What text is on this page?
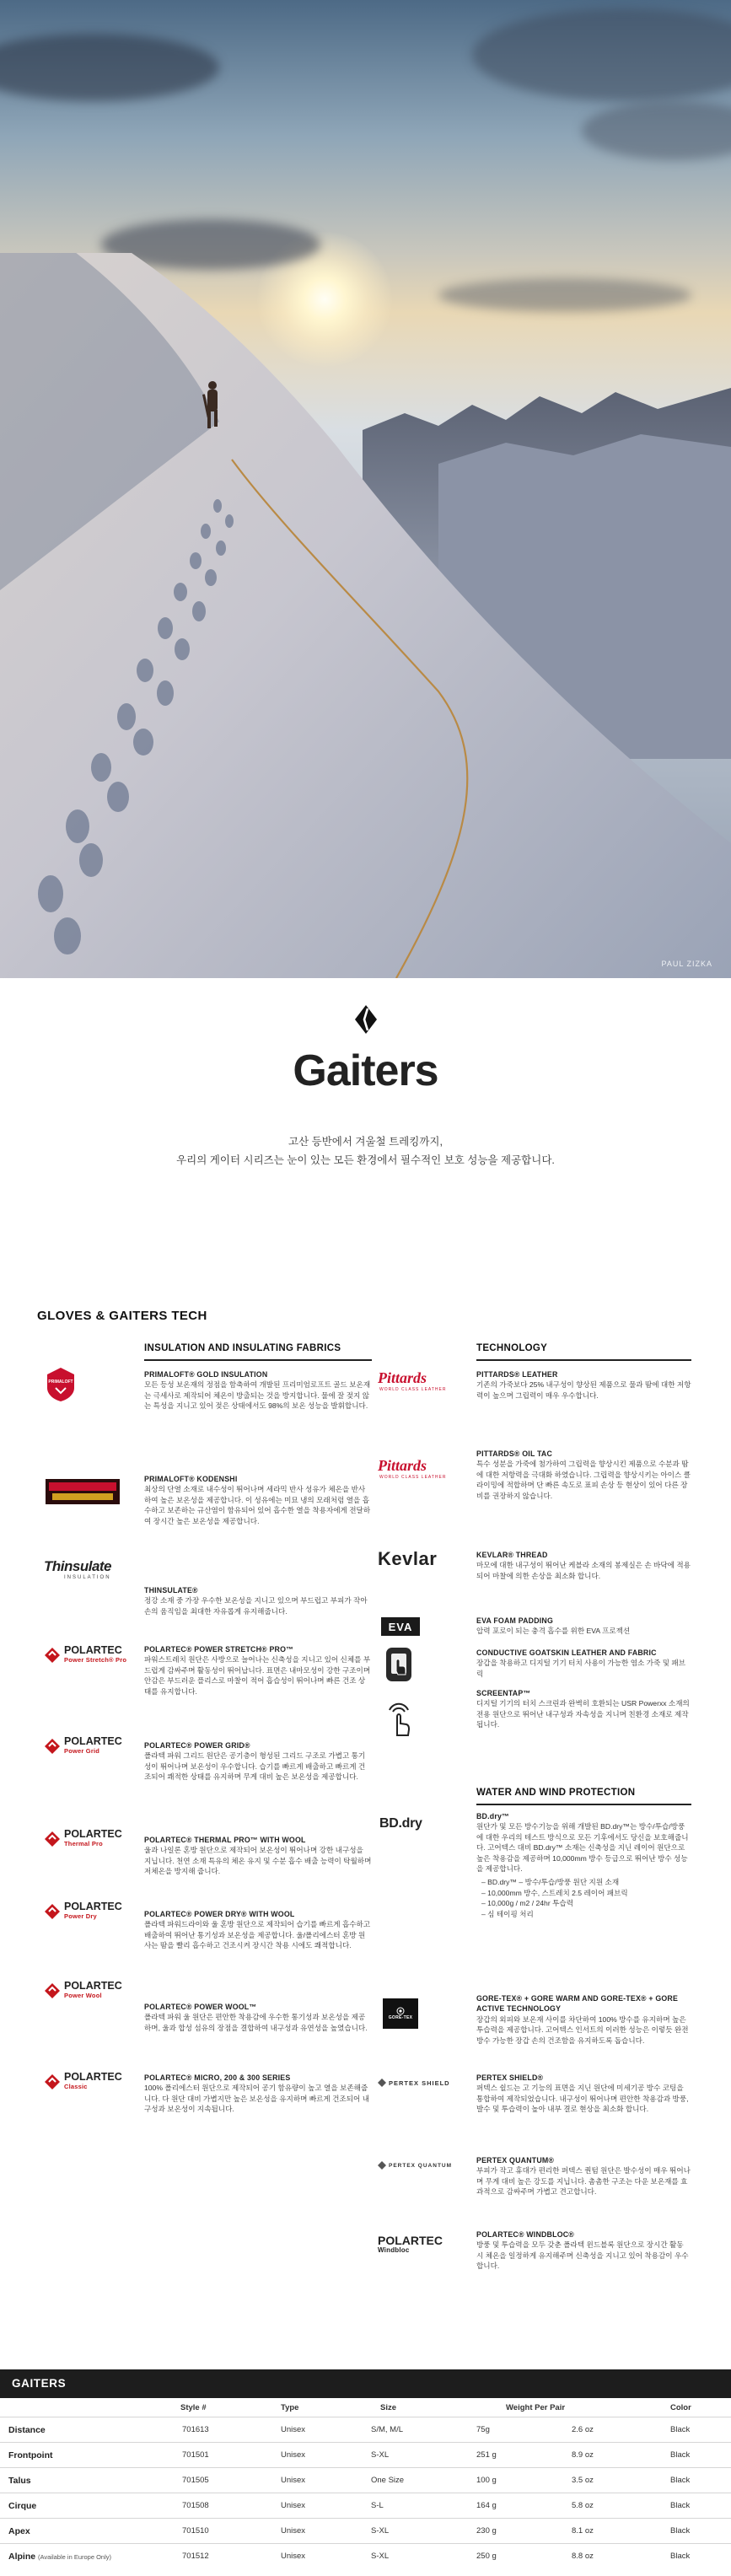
PAUL ZIZKA
Gaiters
고산 등반에서 겨울철 트레킹까지,
우리의 게이터 시리즈는 눈이 있는 모든 환경에서 필수적인 보호 성능을 제공합니다.
GLOVES & GAITERS TECH
INSULATION AND INSULATING FABRICS	TECHNOLOGY
PRIMALOFT
Thinsulate
INSULATION
POLARTEC
Power Stretch® Pro
POLARTEC
Power Grid
POLARTEC
Thermal Pro
POLARTEC
Power Dry
POLARTEC
Power Wool
POLARTEC
Classic
PRIMALOFT® GOLD INSULATION
모든 등성 보온재의 정점을 함축하여 개발된 프리미엄로프트 골드 보온재는 극세사로 제작되어 체온이 방출되는 것을 방지합니다. 물에 잘 젖지 않는 특성을 지니고 있어 젖은 상태에서도 98%의 보온 성능을 발휘합니다.
PRIMALOFT® KODENSHI
최상의 단열 소재로 내수성이 뛰어나며 세라믹 반사 성유가 체온을 반사하여 높은 보온성을 제공합니다. 이 성유에는 미묘 냉의 모래처럼 열을 흡수하고 보존하는 규산염이 함유되어 있어 흡수한 열을 착용자에게 전달하여 장시간 높은 보온성을 제공합니다.
THINSULATE®
정강 소재 중 가장 우수한 보온성을 지니고 있으며 부드럽고 부피가 작아 손의 움직임을 최대한 자유롭게 유지해줍니다.
POLARTEC® POWER STRETCH® PRO™
파워스트레치 원단은 사방으로 늘어나는 신축성을 지니고 있어 신체를 부드럽게 감싸주며 활동성이 뛰어납니다. 표면은 내마모성이 강한 구조이며 안감은 부드러운 플리스로 마찰이 적어 흡습성이 뛰어나며 빠른 건조 상태를 유지합니다.
POLARTEC® POWER GRID®
폴라텍 파워 그리드 원단은 공기층이 형성된 그리드 구조로 가볍고 통기성이 뛰어나며 보온성이 우수합니다. 습기를 빠르게 배출하고 빠르게 건조되어 쾌적한 상태를 유지하며 무게 대비 높은 보온성을 제공합니다.
POLARTEC® THERMAL PRO™ WITH WOOL
울과 나일론 혼방 원단으로 제작되어 보온성이 뛰어나며 강한 내구성을 지닙니다. 천연 소재 특유의 체온 유지 및 수분 흡수 배출 능력이 탁월하며 저체온을 방지해 줍니다.
POLARTEC® POWER DRY® WITH WOOL
폴라텍 파워드라이와 울 혼방 원단으로 제작되어 습기를 빠르게 흡수하고 배출하여 뛰어난 통기성과 보온성을 제공합니다. 울/폴리에스터 혼방 원사는 땀을 빨리 흡수하고 건조시켜 장시간 착용 시에도 쾌적합니다.
POLARTEC® POWER WOOL™
폴라텍 파워 울 원단은 편안한 착용감에 우수한 통기성과 보온성을 제공하며, 울과 합성 섬유의 장점을 결합하여 내구성과 유연성을 높였습니다.
POLARTEC® MICRO, 200 & 300 SERIES
100% 폴리에스터 원단으로 제작되어 공기 함유량이 높고 열을 보존해줍니다. 다 원단 대비 가볍지만 높은 보온성을 유지하며 빠르게 건조되어 내구성과 보온성이 지속됩니다.
Pittards
WORLD CLASS LEATHER
Pittards
WORLD CLASS LEATHER
Kevlar
EVA
PITTARDS® LEATHER
기존의 가죽보다 25% 내구성이 향상된 제품으로 물과 땀에 대한 저항력이 높으며 그립력이 매우 우수합니다.
PITTARDS® OIL TAC
특수 성분을 가죽에 첨가하여 그립력을 향상시킨 제품으로 수분과 땀에 대한 저항력을 극대화 하였습니다. 그립력을 향상시키는 아이스 클라이밍에 적합하며 단 빠른 속도로 표피 손상 등 현상이 있어 다른 장비를 권장하지 않습니다.
KEVLAR® THREAD
마모에 대한 내구성이 뛰어난 케블라 소재의 봉제실은 손 바닥에 적용되어 마찰에 의한 손상을 최소화 합니다.
EVA FOAM PADDING
압력 포로이 되는 충격 흡수를 위한 EVA 프로젝션
CONDUCTIVE GOATSKIN LEATHER AND FABRIC
장갑을 착용하고 디지털 기기 터치 사용이 가능한 염소 가죽 및 패브릭
SCREENTAP™
디지털 기기의 터치 스크린과 완벽히 호환되는 USR Powerxx 소재의 전용 원단으로 뛰어난 내구성과 자속성을 지니며 친환경 소재로 제작됩니다.
WATER AND WIND PROTECTION
BD.dry	BD.dry™
원단가 및 모든 방수기능을 위해 개발된 BD.dry™는 방수/투습/방풍에 대한 우리의 테스트 방식으로 모든 기후에서도 당신을 보호해줍니다. 고어텍스 대비 BD.dry™ 소재는 신축성을 지닌 레이어 원단으로 높은 착용감을 제공하며 10,000mm 방수 등급으로 뛰어난 방수 성능을 제공합니다.
– BD.dry™ – 방수/투습/방풍 원단 지원 소재
– 10,000mm 방수, 스트레치 2.5 레이어 패브릭
– 10,000g / m2 / 24hr 투습력
– 심 테이핑 처리
GORE-TEX
GORE-TEX® + GORE WARM AND GORE-TEX® + GORE ACTIVE TECHNOLOGY
장갑의 외피와 보온재 사이를 차단하여 100% 방수를 유지하며 높은 투습력을 제공합니다. 고어텍스 인서트의 이러한 성능은 이렇듯 완전 방수 가능한 장갑 손의 건조함을 유지하도록 돕습니다.
PERTEX SHIELD
PERTEX SHIELD®
퍼텍스 쉴드는 고 기능의 표면을 지닌 원단에 미세기공 방수 코팅을 통합하여 제작되었습니다. 내구성이 뛰어나며 편안한 착용감과 방풍, 발수 및 투습력이 높아 내부 결로 현상을 최소화 합니다.
PERTEX QUANTUM
PERTEX QUANTUM®
부피가 작고 휴대가 편리한 퍼텍스 퀀텀 원단은 발수성이 매우 뛰어나며 무게 대비 높은 강도를 지닙니다. 촘촘한 구조는 다운 보온재를 효과적으로 감싸주며 가볍고 견고합니다.
POLARTEC
Windbloc
POLARTEC® WINDBLOC®
방풍 및 투습력을 모두 갖춘 폴라텍 윈드블록 원단으로 장시간 활동 시 체온을 일정하게 유지해주며 신축성을 지니고 있어 착용감이 우수합니다.
GAITERS
Style #	Type	Size	Weight Per Pair	Color
Distance	701613	Unisex	S/M, M/L	75g	2.6 oz	Black
Frontpoint	701501	Unisex	S-XL	251 g	8.9 oz	Black
Talus	701505	Unisex	One Size	100 g	3.5 oz	Black
Cirque	701508	Unisex	S-L	164 g	5.8 oz	Black
Apex	701510	Unisex	S-XL	230 g	8.1 oz	Black
Alpine (Available in Europe Only)	701512	Unisex	S-XL	250 g	8.8 oz	Black
